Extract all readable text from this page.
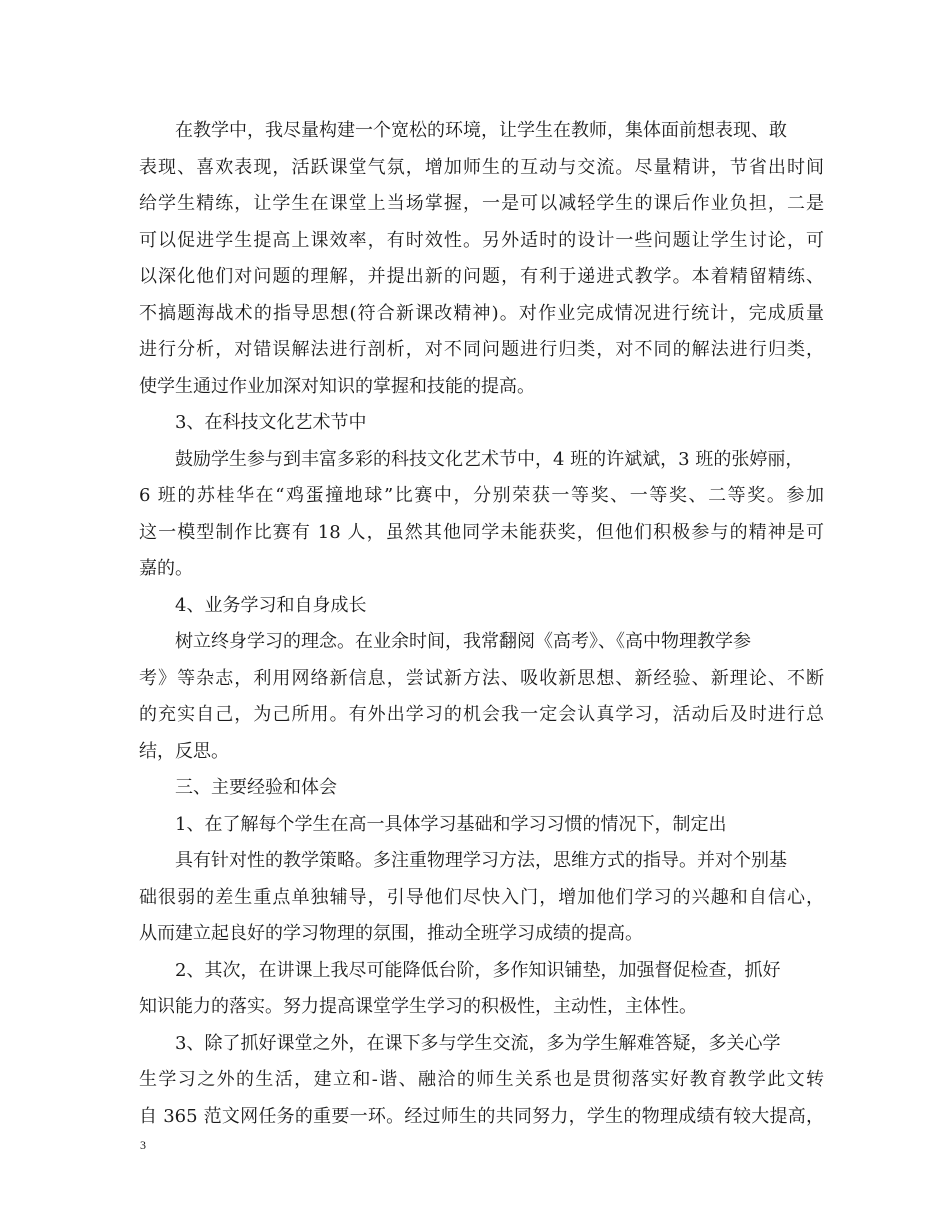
在教学中，我尽量构建一个宽松的环境，让学生在教师，集体面前想表现、敢
表现、喜欢表现，活跃课堂气氛，增加师生的互动与交流。尽量精讲，节省出时间
给学生精练，让学生在课堂上当场掌握，一是可以减轻学生的课后作业负担，二是
可以促进学生提高上课效率，有时效性。另外适时的设计一些问题让学生讨论，可
以深化他们对问题的理解，并提出新的问题，有利于递进式教学。本着精留精练、
不搞题海战术的指导思想(符合新课改精神)。对作业完成情况进行统计，完成质量
进行分析，对错误解法进行剖析，对不同问题进行归类，对不同的解法进行归类，
使学生通过作业加深对知识的掌握和技能的提高。
3、在科技文化艺术节中
鼓励学生参与到丰富多彩的科技文化艺术节中，4 班的许斌斌，3 班的张婷丽，
6 班的苏桂华在“鸡蛋撞地球”比赛中，分别荣获一等奖、一等奖、二等奖。参加
这一模型制作比赛有 18 人，虽然其他同学未能获奖，但他们积极参与的精神是可
嘉的。
4、业务学习和自身成长
树立终身学习的理念。在业余时间，我常翻阅《高考》、《高中物理教学参
考》等杂志，利用网络新信息，尝试新方法、吸收新思想、新经验、新理论、不断
的充实自己，为己所用。有外出学习的机会我一定会认真学习，活动后及时进行总
结，反思。
三、主要经验和体会
1、在了解每个学生在高一具体学习基础和学习习惯的情况下，制定出
具有针对性的教学策略。多注重物理学习方法，思维方式的指导。并对个别基
础很弱的差生重点单独辅导，引导他们尽快入门，增加他们学习的兴趣和自信心，
从而建立起良好的学习物理的氛围，推动全班学习成绩的提高。
2、其次，在讲课上我尽可能降低台阶，多作知识铺垫，加强督促检查，抓好
知识能力的落实。努力提高课堂学生学习的积极性，主动性，主体性。
3、除了抓好课堂之外，在课下多与学生交流，多为学生解难答疑，多关心学
生学习之外的生活，建立和-谐、融洽的师生关系也是贯彻落实好教育教学此文转
自 365 范文网任务的重要一环。经过师生的共同努力，学生的物理成绩有较大提高，
3
